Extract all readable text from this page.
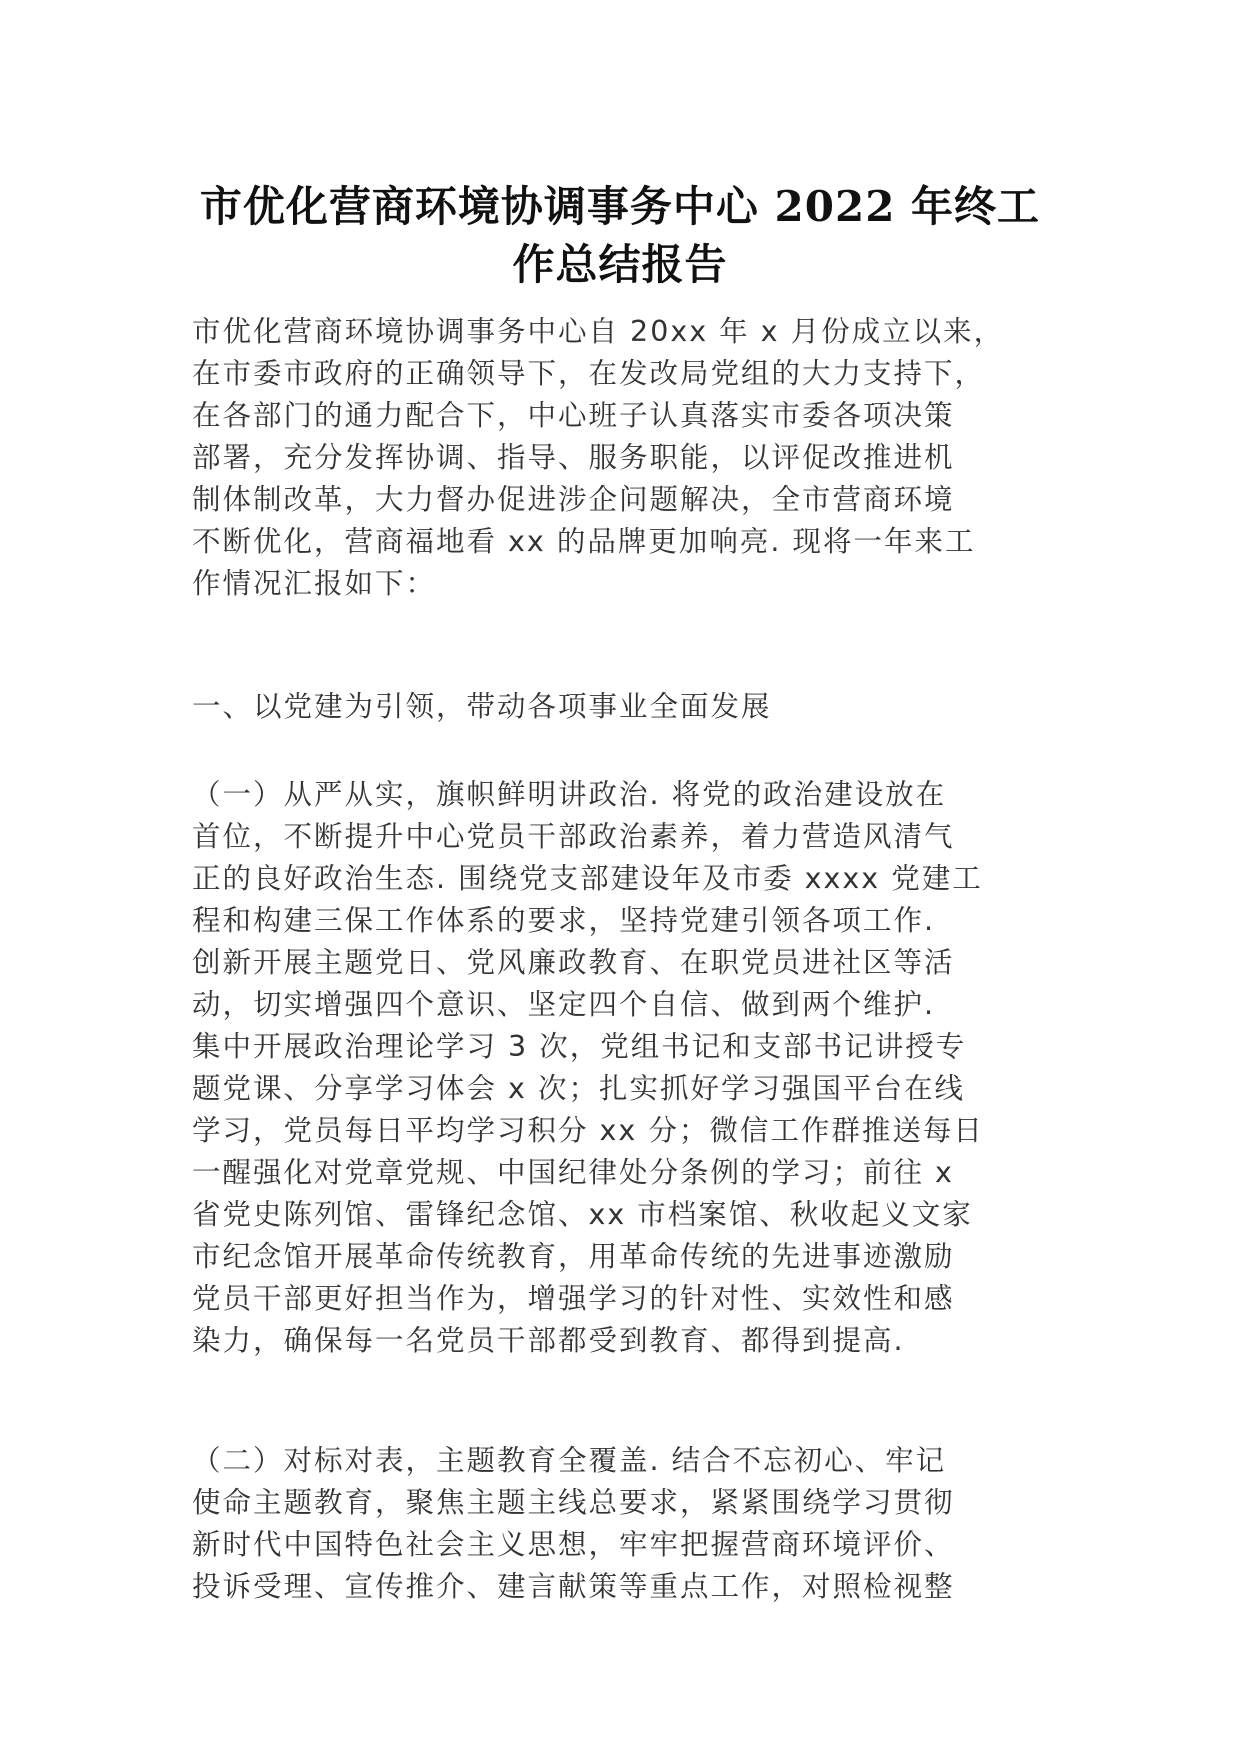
市优化营商环境协调事务中心 2022 年终工
作总结报告
市优化营商环境协调事务中心自 20xx 年 x 月份成立以来，
在市委市政府的正确领导下，在发改局党组的大力支持下，
在各部门的通力配合下，中心班子认真落实市委各项决策
部署，充分发挥协调、指导、服务职能，以评促改推进机
制体制改革，大力督办促进涉企问题解决，全市营商环境
不断优化，营商福地看 xx 的品牌更加响亮. 现将一年来工
作情况汇报如下：
一、以党建为引领，带动各项事业全面发展
（一）从严从实，旗帜鲜明讲政治. 将党的政治建设放在
首位，不断提升中心党员干部政治素养，着力营造风清气
正的良好政治生态. 围绕党支部建设年及市委 xxxx 党建工
程和构建三保工作体系的要求，坚持党建引领各项工作.
创新开展主题党日、党风廉政教育、在职党员进社区等活
动，切实增强四个意识、坚定四个自信、做到两个维护.
集中开展政治理论学习 3 次，党组书记和支部书记讲授专
题党课、分享学习体会 x 次；扎实抓好学习强国平台在线
学习，党员每日平均学习积分 xx 分；微信工作群推送每日
一醒强化对党章党规、中国纪律处分条例的学习；前往 x
省党史陈列馆、雷锋纪念馆、xx 市档案馆、秋收起义文家
市纪念馆开展革命传统教育，用革命传统的先进事迹激励
党员干部更好担当作为，增强学习的针对性、实效性和感
染力，确保每一名党员干部都受到教育、都得到提高.
（二）对标对表，主题教育全覆盖. 结合不忘初心、牢记
使命主题教育，聚焦主题主线总要求，紧紧围绕学习贯彻
新时代中国特色社会主义思想，牢牢把握营商环境评价、
投诉受理、宣传推介、建言献策等重点工作，对照检视整
